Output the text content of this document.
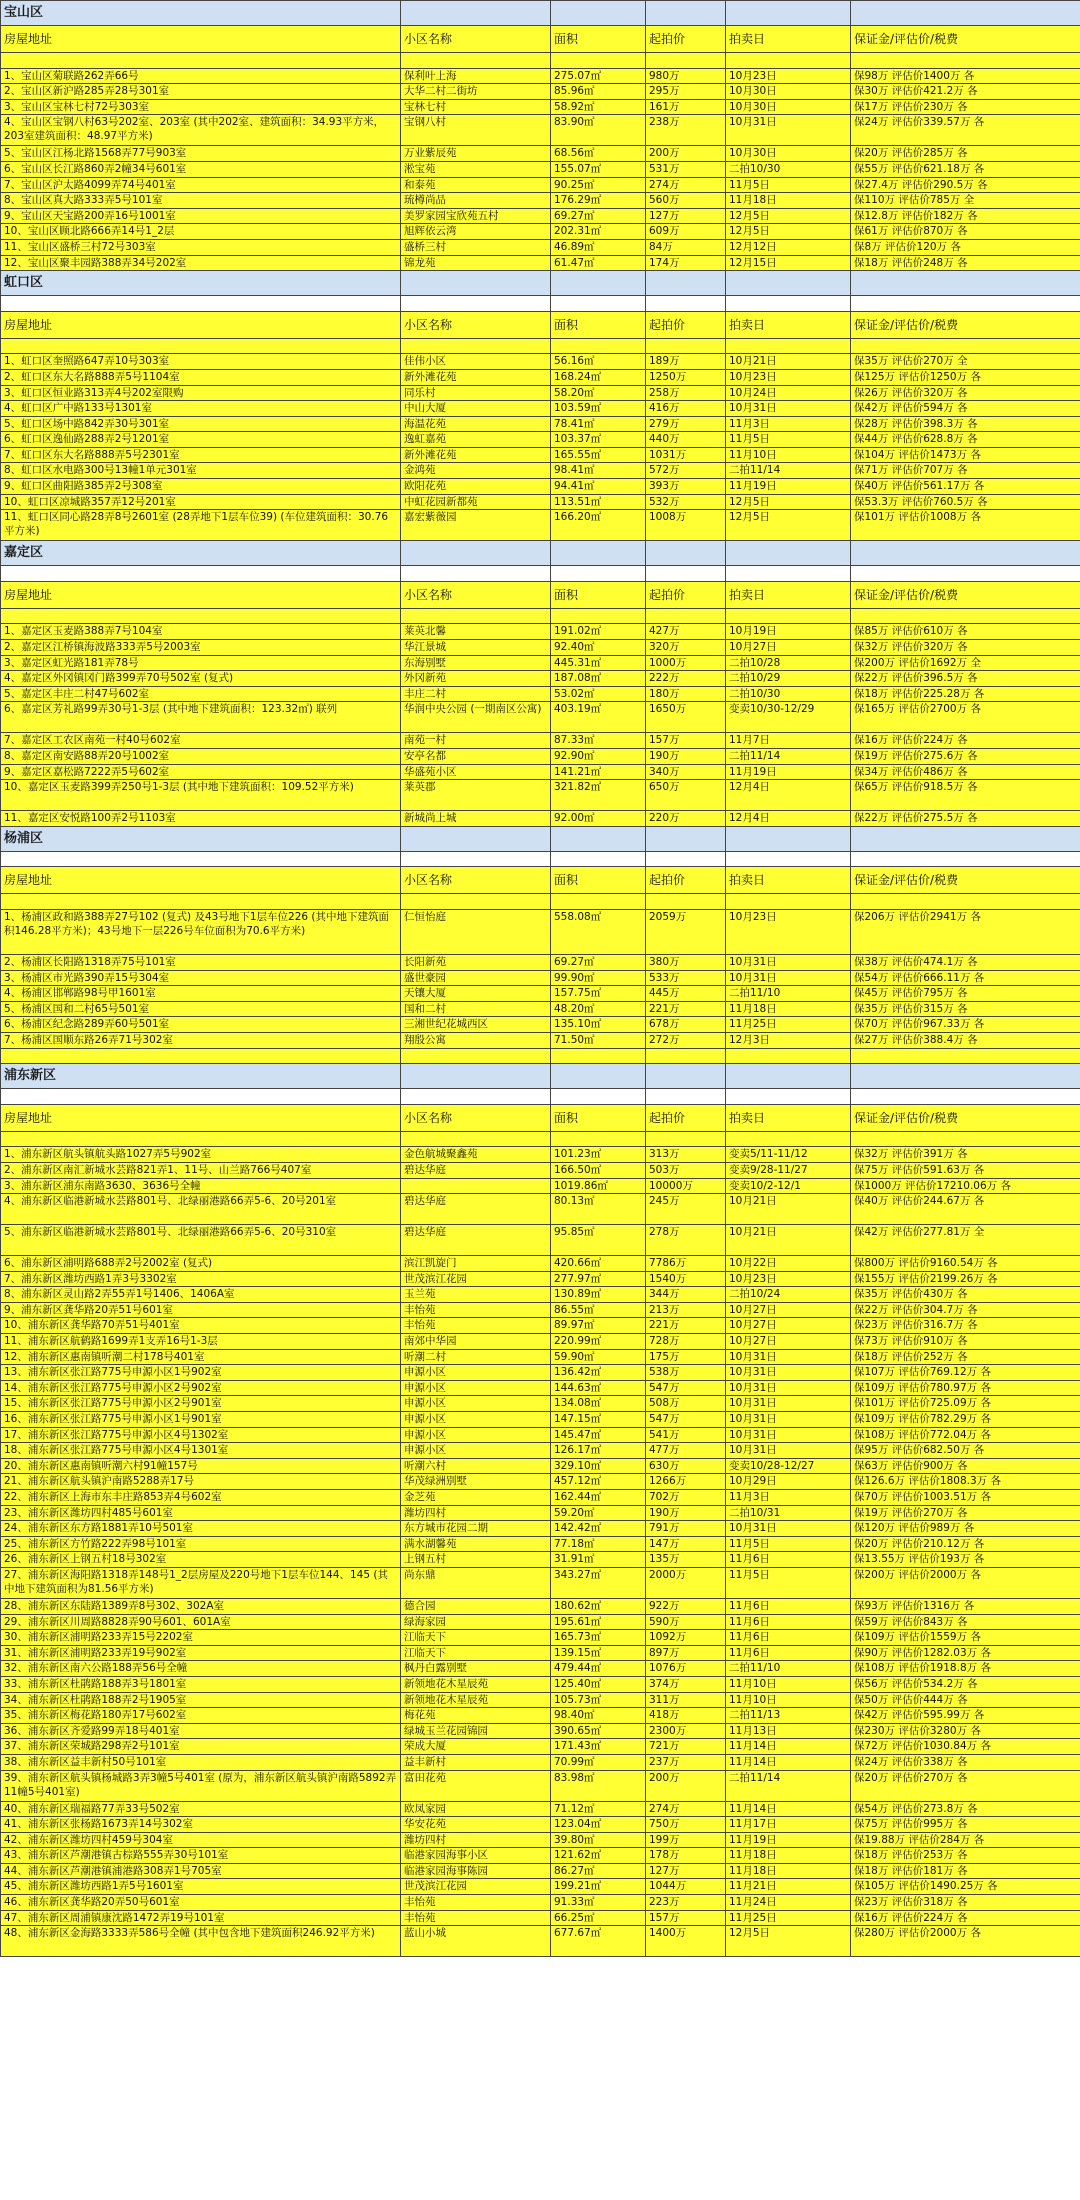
宝山区					
房屋地址	小区名称	面积	起拍价	拍卖日	保证金/评估价/税费

1、宝山区菊联路262弄66号	保利叶上海	275.07㎡	980万	10月23日	保98万 评估价1400万 各
2、宝山区新沪路285弄28号301室	大华二村二街坊	85.96㎡	295万	10月30日	保30万 评估价421.2万 各
3、宝山区宝林七村72号303室	宝林七村	58.92㎡	161万	10月30日	保17万 评估价230万 各
4、宝山区宝钢八村63号202室、203室 (其中202室、建筑面积：34.93平方米，203室建筑面积：48.97平方米)	宝钢八村	83.90㎡	238万	10月31日	保24万 评估价339.57万 各
5、宝山区江杨北路1568弄77号903室	万业紫辰苑	68.56㎡	200万	10月30日	保20万 评估价285万 各
6、宝山区长江路860弄2幢34号601室	淞宝苑	155.07㎡	531万	二拍10/30	保55万 评估价621.18万 各
7、宝山区沪太路4099弄74号401室	和泰苑	90.25㎡	274万	11月5日	保27.4万 评估价290.5万 各
8、宝山区真大路333弄5号101室	琉樽尚品	176.29㎡	560万	11月18日	保110万 评估价785万 全
9、宝山区天宝路200弄16号1001室	美罗家园宝欣苑五村	69.27㎡	127万	12月5日	保12.8万 评估价182万 各
10、宝山区顾北路666弄14号1_2层	旭辉依云湾	202.31㎡	609万	12月5日	保61万 评估价870万 各
11、宝山区盛桥三村72号303室	盛桥三村	46.89㎡	84万	12月12日	保8万 评估价120万 各
12、宝山区聚丰园路388弄34号202室	锦龙苑	61.47㎡	174万	12月15日	保18万 评估价248万 各
虹口区					

房屋地址	小区名称	面积	起拍价	拍卖日	保证金/评估价/税费

1、虹口区奎照路647弄10号303室	佳伟小区	56.16㎡	189万	10月21日	保35万 评估价270万 全
2、虹口区东大名路888弄5号1104室	新外滩花苑	168.24㎡	1250万	10月23日	保125万 评估价1250万 各
3、虹口区恒业路313弄4号202室限购	同乐村	58.20㎡	258万	10月24日	保26万 评估价320万 各
4、虹口区广中路133号1301室	中山大厦	103.59㎡	416万	10月31日	保42万 评估价594万 各
5、虹口区场中路842弄30号301室	海温花苑	78.41㎡	279万	11月3日	保28万 评估价398.3万 各
6、虹口区逸仙路288弄2号1201室	逸虹嘉苑	103.37㎡	440万	11月5日	保44万 评估价628.8万 各
7、虹口区东大名路888弄5号2301室	新外滩花苑	165.55㎡	1031万	11月10日	保104万 评估价1473万 各
8、虹口区水电路300号13幢1单元301室	金鸿苑	98.41㎡	572万	二拍11/14	保71万 评估价707万 各
9、虹口区曲阳路385弄2号308室	欧阳花苑	94.41㎡	393万	11月19日	保40万 评估价561.17万 各
10、虹口区凉城路357弄12号201室	中虹花园新都苑	113.51㎡	532万	12月5日	保53.3万 评估价760.5万 各
11、虹口区同心路28弄8号2601室 (28弄地下1层车位39) (车位建筑面积：30.76平方米)	嘉宏紫薇园	166.20㎡	1008万	12月5日	保101万 评估价1008万 各
嘉定区					

房屋地址	小区名称	面积	起拍价	拍卖日	保证金/评估价/税费

1、嘉定区玉麦路388弄7号104室	莱英北馨	191.02㎡	427万	10月19日	保85万 评估价610万 各
2、嘉定区江桥镇海波路333弄5号2003室	华江景城	92.40㎡	320万	10月27日	保32万 评估价320万 各
3、嘉定区虹光路181弄78号	东海别墅	445.31㎡	1000万	二拍10/28	保200万 评估价1692万 全
4、嘉定区外冈镇冈门路399弄70号502室 (复式)	外冈新苑	187.08㎡	222万	二拍10/29	保22万 评估价396.5万 各
5、嘉定区丰庄二村47号602室	丰庄二村	53.02㎡	180万	二拍10/30	保18万 评估价225.28万 各
6、嘉定区芳礼路99弄30号1-3层 (其中地下建筑面积：123.32㎡) 联列	华润中央公园 (一期南区公寓)	403.19㎡	1650万	变卖10/30-12/29	保165万 评估价2700万 各
7、嘉定区工农区南苑一村40号602室	南苑一村	87.33㎡	157万	11月7日	保16万 评估价224万 各
8、嘉定区南安路88弄20号1002室	安亭名都	92.90㎡	190万	二拍11/14	保19万 评估价275.6万 各
9、嘉定区嘉松路7222弄5号602室	华盛苑小区	141.21㎡	340万	11月19日	保34万 评估价486万 各
10、嘉定区玉麦路399弄250号1-3层 (其中地下建筑面积：109.52平方米)	莱英郡	321.82㎡	650万	12月4日	保65万 评估价918.5万 各
11、嘉定区安悦路100弄2号1103室	新城尚上城	92.00㎡	220万	12月4日	保22万 评估价275.5万 各
杨浦区					

房屋地址	小区名称	面积	起拍价	拍卖日	保证金/评估价/税费

1、杨浦区政和路388弄27号102 (复式) 及43号地下1层车位226 (其中地下建筑面积146.28平方米)；43号地下一层226号车位面积为70.6平方米)	仁恒怡庭	558.08㎡	2059万	10月23日	保206万 评估价2941万 各
2、杨浦区长阳路1318弄75号101室	长阳新苑	69.27㎡	380万	10月31日	保38万 评估价474.1万 各
3、杨浦区市光路390弄15号304室	盛世豪园	99.90㎡	533万	10月31日	保54万 评估价666.11万 各
4、杨浦区邯郸路98号甲1601室	天镶大厦	157.75㎡	445万	二拍11/10	保45万 评估价795万 各
5、杨浦区国和二村65号501室	国和二村	48.20㎡	221万	11月18日	保35万 评估价315万 各
6、杨浦区纪念路289弄60号501室	三湘世纪花城西区	135.10㎡	678万	11月25日	保70万 评估价967.33万 各
7、杨浦区国顺东路26弄71号302室	翔殷公寓	71.50㎡	272万	12月3日	保27万 评估价388.4万 各

浦东新区					

房屋地址	小区名称	面积	起拍价	拍卖日	保证金/评估价/税费

1、浦东新区航头镇航头路1027弄5号902室	金色航城聚鑫苑	101.23㎡	313万	变卖5/11-11/12	保32万 评估价391万 各
2、浦东新区南汇新城水芸路821弄1、11号、山兰路766号407室	碧达华庭	166.50㎡	503万	变卖9/28-11/27	保75万 评估价591.63万 各
3、浦东新区浦东南路3630、3636号全幢		1019.86㎡	10000万	变卖10/2-12/1	保1000万 评估价17210.06万 各
4、浦东新区临港新城水芸路801号、北绿丽港路66弄5-6、20号201室	碧达华庭	80.13㎡	245万	10月21日	保40万 评估价244.67万 各
5、浦东新区临港新城水芸路801号、北绿丽港路66弄5-6、20号310室	碧达华庭	95.85㎡	278万	10月21日	保42万 评估价277.81万 全
6、浦东新区浦明路688弄2号2002室 (复式)	滨江凯旋门	420.66㎡	7786万	10月22日	保800万 评估价9160.54万 各
7、浦东新区潍坊西路1弄3号3302室	世茂滨江花园	277.97㎡	1540万	10月23日	保155万 评估价2199.26万 各
8、浦东新区灵山路2弄55弄1号1406、1406A室	玉兰苑	130.89㎡	344万	二拍10/24	保35万 评估价430万 各
9、浦东新区龚华路20弄51号601室	丰怡苑	86.55㎡	213万	10月27日	保22万 评估价304.7万 各
10、浦东新区龚华路70弄51号401室	丰怡苑	89.97㎡	221万	10月27日	保23万 评估价316.7万 各
11、浦东新区航鹤路1699弄1支弄16号1-3层	南郊中华园	220.99㎡	728万	10月27日	保73万 评估价910万 各
12、浦东新区惠南镇听潮二村178号401室	听潮二村	59.90㎡	175万	10月31日	保18万 评估价252万 各
13、浦东新区张江路775号申源小区1号902室	申源小区	136.42㎡	538万	10月31日	保107万 评估价769.12万 各
14、浦东新区张江路775号申源小区2号902室	申源小区	144.63㎡	547万	10月31日	保109万 评估价780.97万 各
15、浦东新区张江路775号申源小区2号901室	申源小区	134.08㎡	508万	10月31日	保101万 评估价725.09万 各
16、浦东新区张江路775号申源小区1号901室	申源小区	147.15㎡	547万	10月31日	保109万 评估价782.29万 各
17、浦东新区张江路775号申源小区4号1302室	申源小区	145.47㎡	541万	10月31日	保108万 评估价772.04万 各
18、浦东新区张江路775号申源小区4号1301室	申源小区	126.17㎡	477万	10月31日	保95万 评估价682.50万 各
20、浦东新区惠南镇听潮六村91幢157号	听潮六村	329.10㎡	630万	变卖10/28-12/27	保63万 评估价900万 各
21、浦东新区航头镇沪南路5288弄17号	华茂绿洲别墅	457.12㎡	1266万	10月29日	保126.6万 评估价1808.3万 各
22、浦东新区上海市东丰庄路853弄4号602室	金芝苑	162.44㎡	702万	11月3日	保70万 评估价1003.51万 各
23、浦东新区潍坊四村485号601室	潍坊四村	59.20㎡	190万	二拍10/31	保19万 评估价270万 各
24、浦东新区东方路1881弄10号501室	东方城市花园二期	142.42㎡	791万	10月31日	保120万 评估价989万 各
25、浦东新区方竹路222弄98号101室	满水湖馨苑	77.18㎡	147万	11月5日	保20万 评估价210.12万 各
26、浦东新区上钢五村18号302室	上钢五村	31.91㎡	135万	11月6日	保13.55万 评估价193万 各
27、浦东新区海阳路1318弄148号1_2层房屋及220号地下1层车位144、145 (其中地下建筑面积为81.56平方米)	尚东鼎	343.27㎡	2000万	11月5日	保200万 评估价2000万 各
28、浦东新区东陆路1389弄8号302、302A室	德合园	180.62㎡	922万	11月6日	保93万 评估价1316万 各
29、浦东新区川周路8828弄90号601、601A室	绿海家园	195.61㎡	590万	11月6日	保59万 评估价843万 各
30、浦东新区浦明路233弄15号2202室	江临天下	165.73㎡	1092万	11月6日	保109万 评估价1559万 各
31、浦东新区浦明路233弄19号902室	江临天下	139.15㎡	897万	11月6日	保90万 评估价1282.03万 各
32、浦东新区南六公路188弄56号全幢	枫丹白露别墅	479.44㎡	1076万	二拍11/10	保108万 评估价1918.8万 各
33、浦东新区杜鹃路188弄3号1801室	新领地花木星辰苑	125.40㎡	374万	11月10日	保56万 评估价534.2万 各
34、浦东新区杜鹃路188弄2号1905室	新领地花木星辰苑	105.73㎡	311万	11月10日	保50万 评估价444万 各
35、浦东新区梅花路180弄17号602室	梅花苑	98.40㎡	418万	二拍11/13	保42万 评估价595.99万 各
36、浦东新区齐爱路99弄18号401室	绿城玉兰花园锦园	390.65㎡	2300万	11月13日	保230万 评估价3280万 各
37、浦东新区荣城路298弄2号101室	荣成大厦	171.43㎡	721万	11月14日	保72万 评估价1030.84万 各
38、浦东新区益丰新村50号101室	益丰新村	70.99㎡	237万	11月14日	保24万 评估价338万 各
39、浦东新区航头镇杨城路3弄3幢5号401室 (原为，浦东新区航头镇沪南路5892弄11幢5号401室)	富田花苑	83.98㎡	200万	二拍11/14	保20万 评估价270万 各
40、浦东新区瑞福路77弄33号502室	欧凤家园	71.12㎡	274万	11月14日	保54万 评估价273.8万 各
41、浦东新区张杨路1673弄14号302室	华安花苑	123.04㎡	750万	11月17日	保75万 评估价995万 各
42、浦东新区潍坊四村459号304室	潍坊四村	39.80㎡	199万	11月19日	保19.88万 评估价284万 各
43、浦东新区芦潮港镇古棕路555弄30号101室	临港家园海事小区	121.62㎡	178万	11月18日	保18万 评估价253万 各
44、浦东新区芦潮港镇浦港路308弄1号705室	临港家园海事陈园	86.27㎡	127万	11月18日	保18万 评估价181万 各
45、浦东新区潍坊西路1弄5号1601室	世茂滨江花园	199.21㎡	1044万	11月21日	保105万 评估价1490.25万 各
46、浦东新区龚华路20弄50号601室	丰怡苑	91.33㎡	223万	11月24日	保23万 评估价318万 各
47、浦东新区周浦镇康沈路1472弄19号101室	丰怡苑	66.25㎡	157万	11月25日	保16万 评估价224万 各
48、浦东新区金海路3333弄586号全幢 (其中包含地下建筑面积246.92平方米)	蓝山小城	677.67㎡	1400万	12月5日	保280万 评估价2000万 各
